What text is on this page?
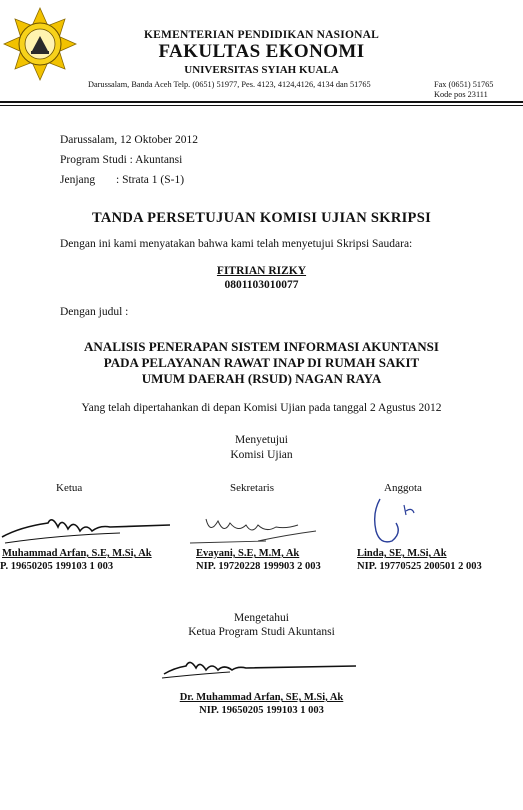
KEMENTERIAN PENDIDIKAN NASIONAL
FAKULTAS EKONOMI
UNIVERSITAS SYIAH KUALA
Darussalam, Banda Aceh Telp. (0651) 51977, Pes. 4123, 4124,4126, 4134 dan 51765	Fax (0651) 51765
Kode pos 23111
Darussalam, 12 Oktober 2012
Program Studi : Akuntansi
Jenjang : Strata 1 (S-1)
TANDA PERSETUJUAN KOMISI UJIAN SKRIPSI
Dengan ini kami menyatakan bahwa kami telah menyetujui Skripsi Saudara:
FITRIAN RIZKY
0801103010077
Dengan judul :
ANALISIS PENERAPAN SISTEM INFORMASI AKUNTANSI
PADA PELAYANAN RAWAT INAP DI RUMAH SAKIT
UMUM DAERAH (RSUD) NAGAN RAYA
Yang telah dipertahankan di depan Komisi Ujian pada tanggal 2 Agustus 2012
Menyetujui
Komisi Ujian
Ketua	Sekretaris	Anggota
Muhammad Arfan, S.E, M.Si, Ak
P. 19650205 199103 1 003
Evayani, S.E, M.M, Ak
NIP. 19720228 199903 2 003
Linda, SE, M.Si, Ak
NIP. 19770525 200501 2 003
Mengetahui
Ketua Program Studi Akuntansi
Dr. Muhammad Arfan, SE, M.Si, Ak
NIP. 19650205 199103 1 003
